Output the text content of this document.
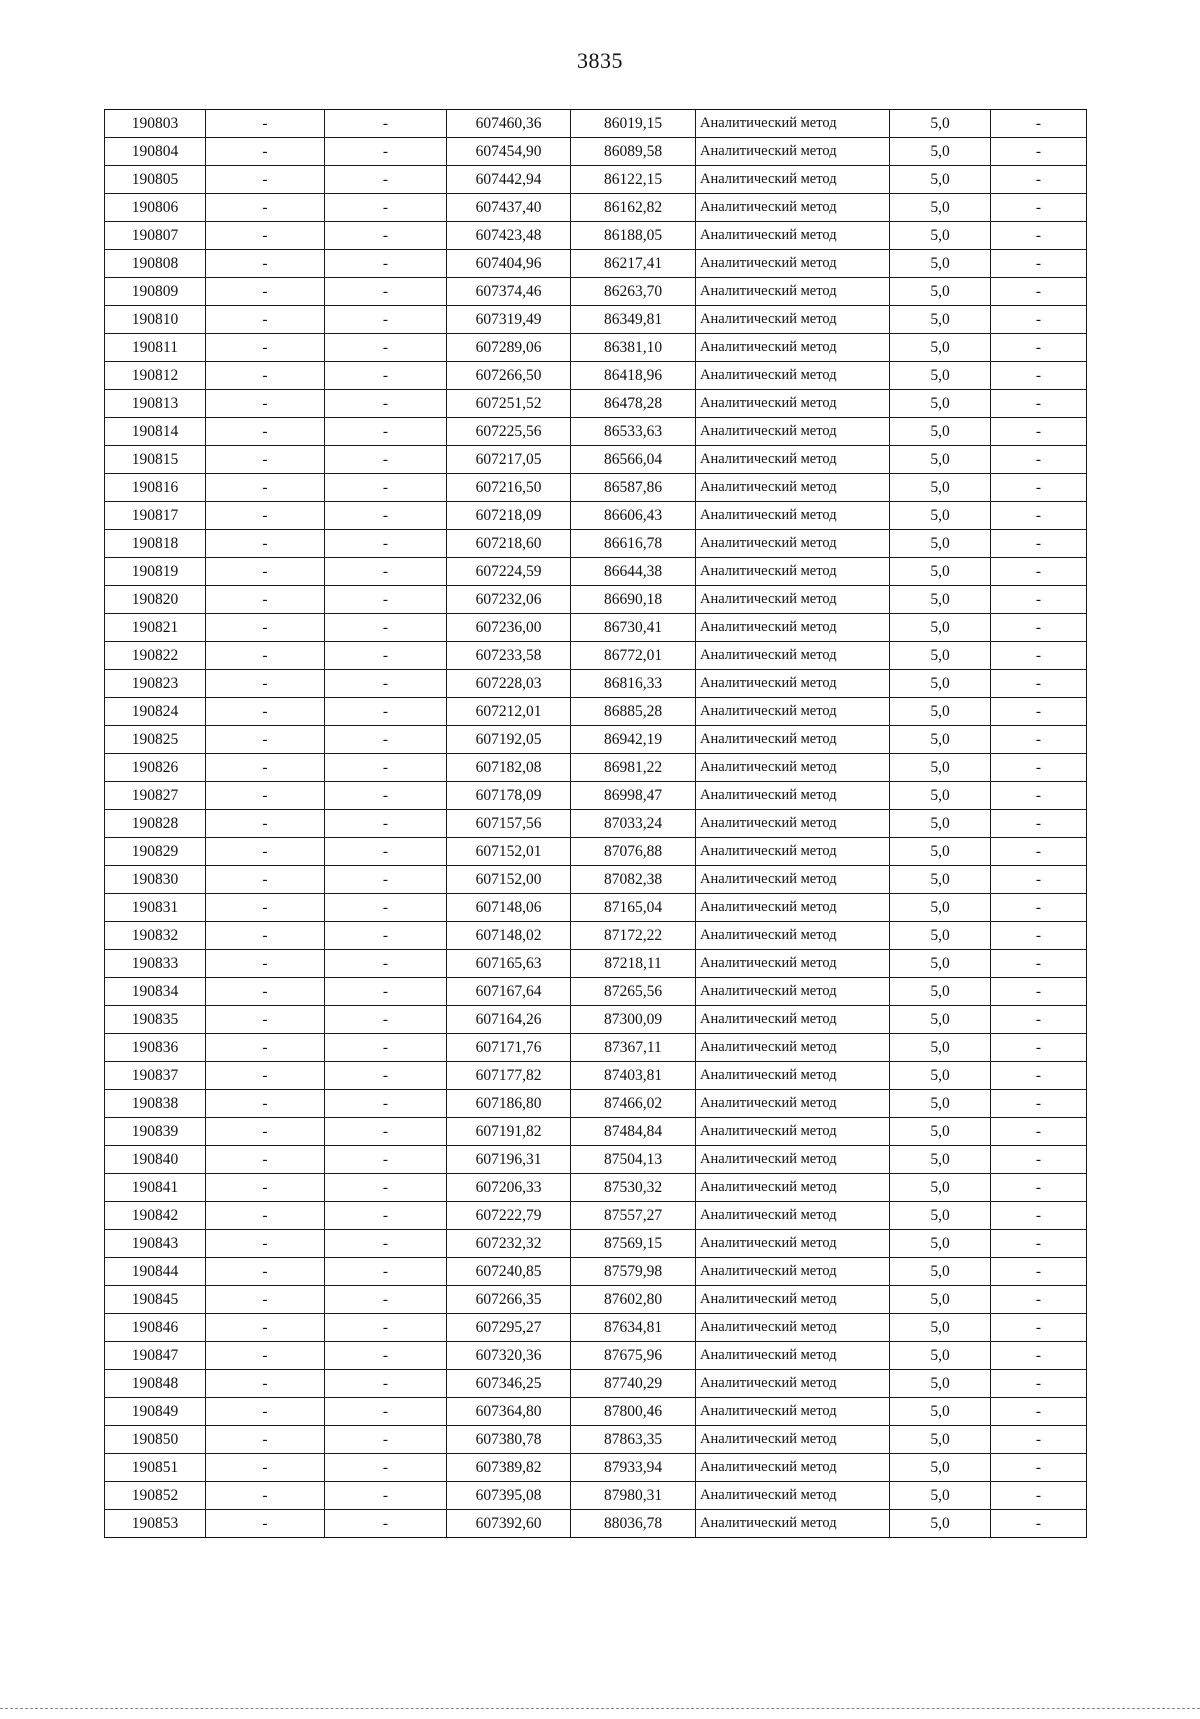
3835
190803	-	-	607460,36	86019,15	Аналитический метод	5,0	-
190804	-	-	607454,90	86089,58	Аналитический метод	5,0	-
190805	-	-	607442,94	86122,15	Аналитический метод	5,0	-
190806	-	-	607437,40	86162,82	Аналитический метод	5,0	-
190807	-	-	607423,48	86188,05	Аналитический метод	5,0	-
190808	-	-	607404,96	86217,41	Аналитический метод	5,0	-
190809	-	-	607374,46	86263,70	Аналитический метод	5,0	-
190810	-	-	607319,49	86349,81	Аналитический метод	5,0	-
190811	-	-	607289,06	86381,10	Аналитический метод	5,0	-
190812	-	-	607266,50	86418,96	Аналитический метод	5,0	-
190813	-	-	607251,52	86478,28	Аналитический метод	5,0	-
190814	-	-	607225,56	86533,63	Аналитический метод	5,0	-
190815	-	-	607217,05	86566,04	Аналитический метод	5,0	-
190816	-	-	607216,50	86587,86	Аналитический метод	5,0	-
190817	-	-	607218,09	86606,43	Аналитический метод	5,0	-
190818	-	-	607218,60	86616,78	Аналитический метод	5,0	-
190819	-	-	607224,59	86644,38	Аналитический метод	5,0	-
190820	-	-	607232,06	86690,18	Аналитический метод	5,0	-
190821	-	-	607236,00	86730,41	Аналитический метод	5,0	-
190822	-	-	607233,58	86772,01	Аналитический метод	5,0	-
190823	-	-	607228,03	86816,33	Аналитический метод	5,0	-
190824	-	-	607212,01	86885,28	Аналитический метод	5,0	-
190825	-	-	607192,05	86942,19	Аналитический метод	5,0	-
190826	-	-	607182,08	86981,22	Аналитический метод	5,0	-
190827	-	-	607178,09	86998,47	Аналитический метод	5,0	-
190828	-	-	607157,56	87033,24	Аналитический метод	5,0	-
190829	-	-	607152,01	87076,88	Аналитический метод	5,0	-
190830	-	-	607152,00	87082,38	Аналитический метод	5,0	-
190831	-	-	607148,06	87165,04	Аналитический метод	5,0	-
190832	-	-	607148,02	87172,22	Аналитический метод	5,0	-
190833	-	-	607165,63	87218,11	Аналитический метод	5,0	-
190834	-	-	607167,64	87265,56	Аналитический метод	5,0	-
190835	-	-	607164,26	87300,09	Аналитический метод	5,0	-
190836	-	-	607171,76	87367,11	Аналитический метод	5,0	-
190837	-	-	607177,82	87403,81	Аналитический метод	5,0	-
190838	-	-	607186,80	87466,02	Аналитический метод	5,0	-
190839	-	-	607191,82	87484,84	Аналитический метод	5,0	-
190840	-	-	607196,31	87504,13	Аналитический метод	5,0	-
190841	-	-	607206,33	87530,32	Аналитический метод	5,0	-
190842	-	-	607222,79	87557,27	Аналитический метод	5,0	-
190843	-	-	607232,32	87569,15	Аналитический метод	5,0	-
190844	-	-	607240,85	87579,98	Аналитический метод	5,0	-
190845	-	-	607266,35	87602,80	Аналитический метод	5,0	-
190846	-	-	607295,27	87634,81	Аналитический метод	5,0	-
190847	-	-	607320,36	87675,96	Аналитический метод	5,0	-
190848	-	-	607346,25	87740,29	Аналитический метод	5,0	-
190849	-	-	607364,80	87800,46	Аналитический метод	5,0	-
190850	-	-	607380,78	87863,35	Аналитический метод	5,0	-
190851	-	-	607389,82	87933,94	Аналитический метод	5,0	-
190852	-	-	607395,08	87980,31	Аналитический метод	5,0	-
190853	-	-	607392,60	88036,78	Аналитический метод	5,0	-
